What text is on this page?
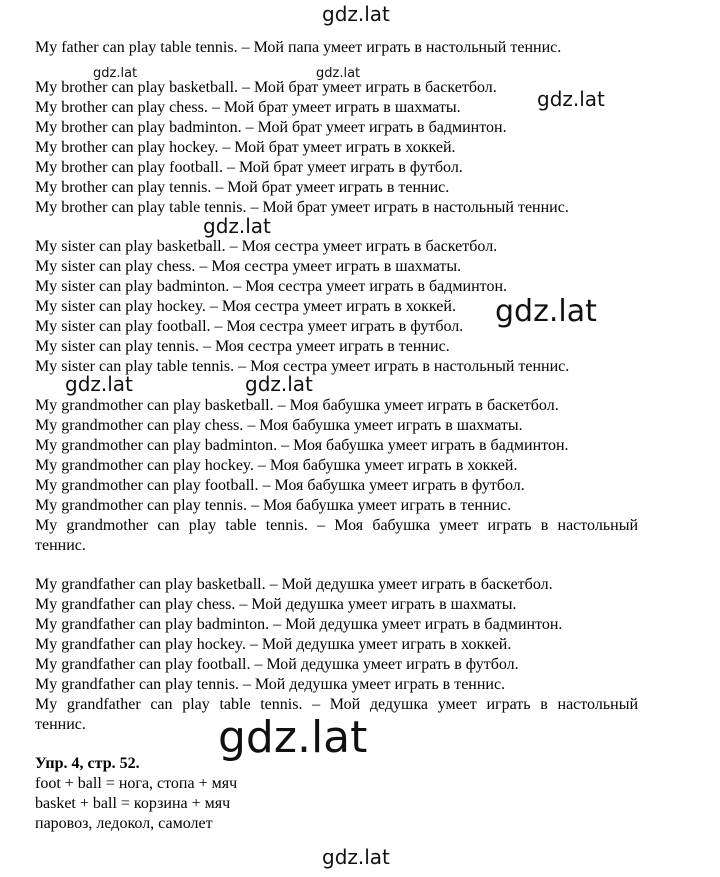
My father can play table tennis. – Мой папа умеет играть в настольный теннис.
My brother can play basketball. – Мой брат умеет играть в баскетбол.
My brother can play chess. – Мой брат умеет играть в шахматы.
My brother can play badminton. – Мой брат умеет играть в бадминтон.
My brother can play hockey. – Мой брат умеет играть в хоккей.
My brother can play football. – Мой брат умеет играть в футбол.
My brother can play tennis. – Мой брат умеет играть в теннис.
My brother can play table tennis. – Мой брат умеет играть в настольный теннис.
My sister can play basketball. – Моя сестра умеет играть в баскетбол.
My sister can play chess. – Моя сестра умеет играть в шахматы.
My sister can play badminton. – Моя сестра умеет играть в бадминтон.
My sister can play hockey. – Моя сестра умеет играть в хоккей.
My sister can play football. – Моя сестра умеет играть в футбол.
My sister can play tennis. – Моя сестра умеет играть в теннис.
My sister can play table tennis. – Моя сестра умеет играть в настольный теннис.
My grandmother can play basketball. – Моя бабушка умеет играть в баскетбол.
My grandmother can play chess. – Моя бабушка умеет играть в шахматы.
My grandmother can play badminton. – Моя бабушка умеет играть в бадминтон.
My grandmother can play hockey. – Моя бабушка умеет играть в хоккей.
My grandmother can play football. – Моя бабушка умеет играть в футбол.
My grandmother can play tennis. – Моя бабушка умеет играть в теннис.
My grandmother can play table tennis. – Моя бабушка умеет играть в настольный
теннис.
My grandfather can play basketball. – Мой дедушка умеет играть в баскетбол.
My grandfather can play chess. – Мой дедушка умеет играть в шахматы.
My grandfather can play badminton. – Мой дедушка умеет играть в бадминтон.
My grandfather can play hockey. – Мой дедушка умеет играть в хоккей.
My grandfather can play football. – Мой дедушка умеет играть в футбол.
My grandfather can play tennis. – Мой дедушка умеет играть в теннис.
My grandfather can play table tennis. – Мой дедушка умеет играть в настольный
теннис.
Упр. 4, стр. 52.
foot + ball = нога, стопа + мяч
basket + ball = корзина + мяч
паровоз, ледокол, самолет
gdz.lat
gdz.lat	gdz.lat
gdz.lat
gdz.lat
gdz.lat
gdz.lat	gdz.lat
gdz.lat
gdz.lat
